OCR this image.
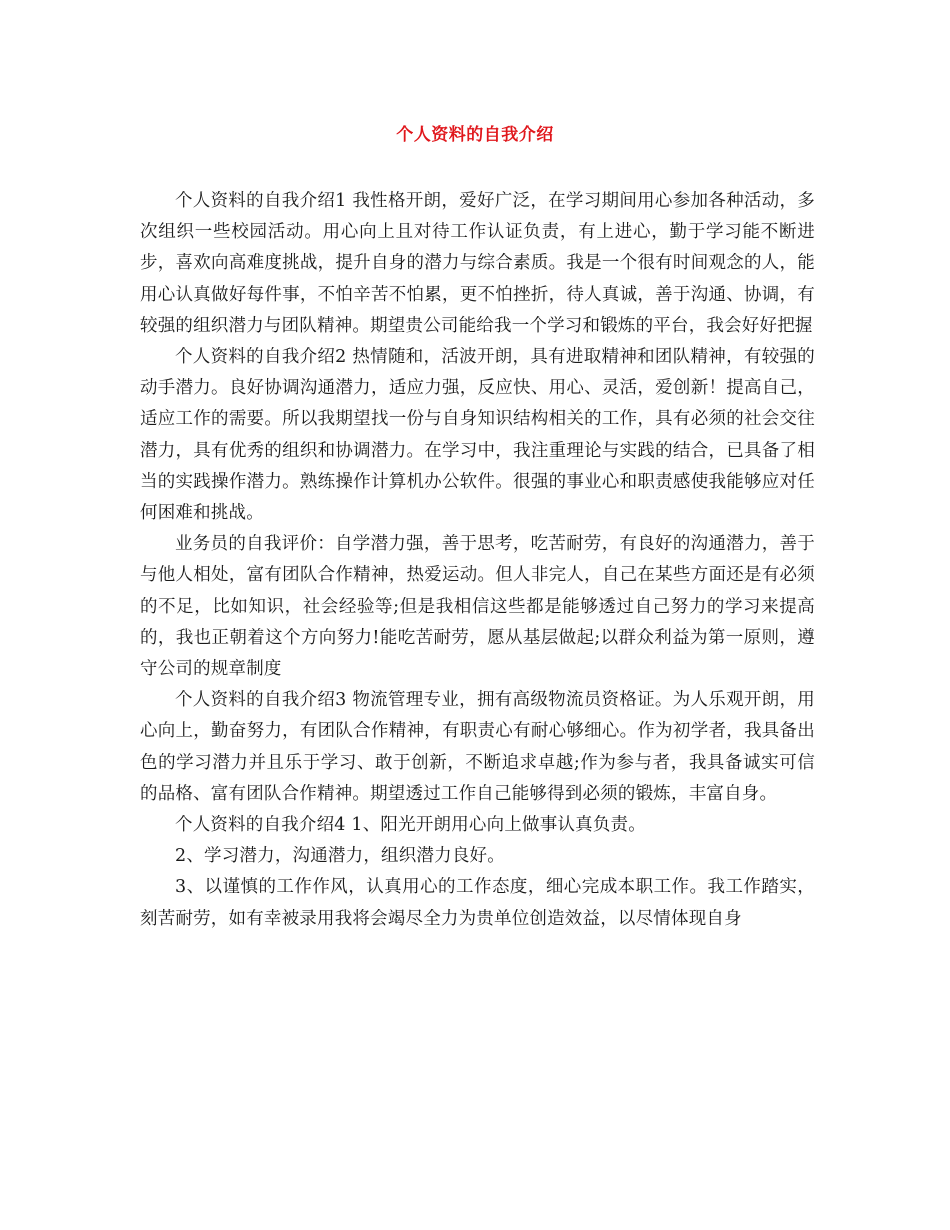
个人资料的自我介绍

个人资料的自我介绍1 我性格开朗，爱好广泛，在学习期间用心参加各种活动，多次组织一些校园活动。用心向上且对待工作认证负责，有上进心，勤于学习能不断进步，喜欢向高难度挑战，提升自身的潜力与综合素质。我是一个很有时间观念的人，能用心认真做好每件事，不怕辛苦不怕累，更不怕挫折，待人真诚，善于沟通、协调，有较强的组织潜力与团队精神。期望贵公司能给我一个学习和锻炼的平台，我会好好把握

个人资料的自我介绍2 热情随和，活波开朗，具有进取精神和团队精神，有较强的动手潜力。良好协调沟通潜力，适应力强，反应快、用心、灵活，爱创新！提高自己，适应工作的需要。所以我期望找一份与自身知识结构相关的工作，具有必须的社会交往潜力，具有优秀的组织和协调潜力。在学习中，我注重理论与实践的结合，已具备了相当的实践操作潜力。熟练操作计算机办公软件。很强的事业心和职责感使我能够应对任何困难和挑战。

业务员的自我评价：自学潜力强，善于思考，吃苦耐劳，有良好的沟通潜力，善于与他人相处，富有团队合作精神，热爱运动。但人非完人，自己在某些方面还是有必须的不足，比如知识，社会经验等;但是我相信这些都是能够透过自己努力的学习来提高的，我也正朝着这个方向努力!能吃苦耐劳，愿从基层做起;以群众利益为第一原则，遵守公司的规章制度

个人资料的自我介绍3 物流管理专业，拥有高级物流员资格证。为人乐观开朗，用心向上，勤奋努力，有团队合作精神，有职责心有耐心够细心。作为初学者，我具备出色的学习潜力并且乐于学习、敢于创新，不断追求卓越;作为参与者，我具备诚实可信的品格、富有团队合作精神。期望透过工作自己能够得到必须的锻炼，丰富自身。

个人资料的自我介绍4 1、阳光开朗用心向上做事认真负责。

2、学习潜力，沟通潜力，组织潜力良好。

3、以谨慎的工作作风，认真用心的工作态度，细心完成本职工作。我工作踏实，刻苦耐劳，如有幸被录用我将会竭尽全力为贵单位创造效益，以尽情体现自身
